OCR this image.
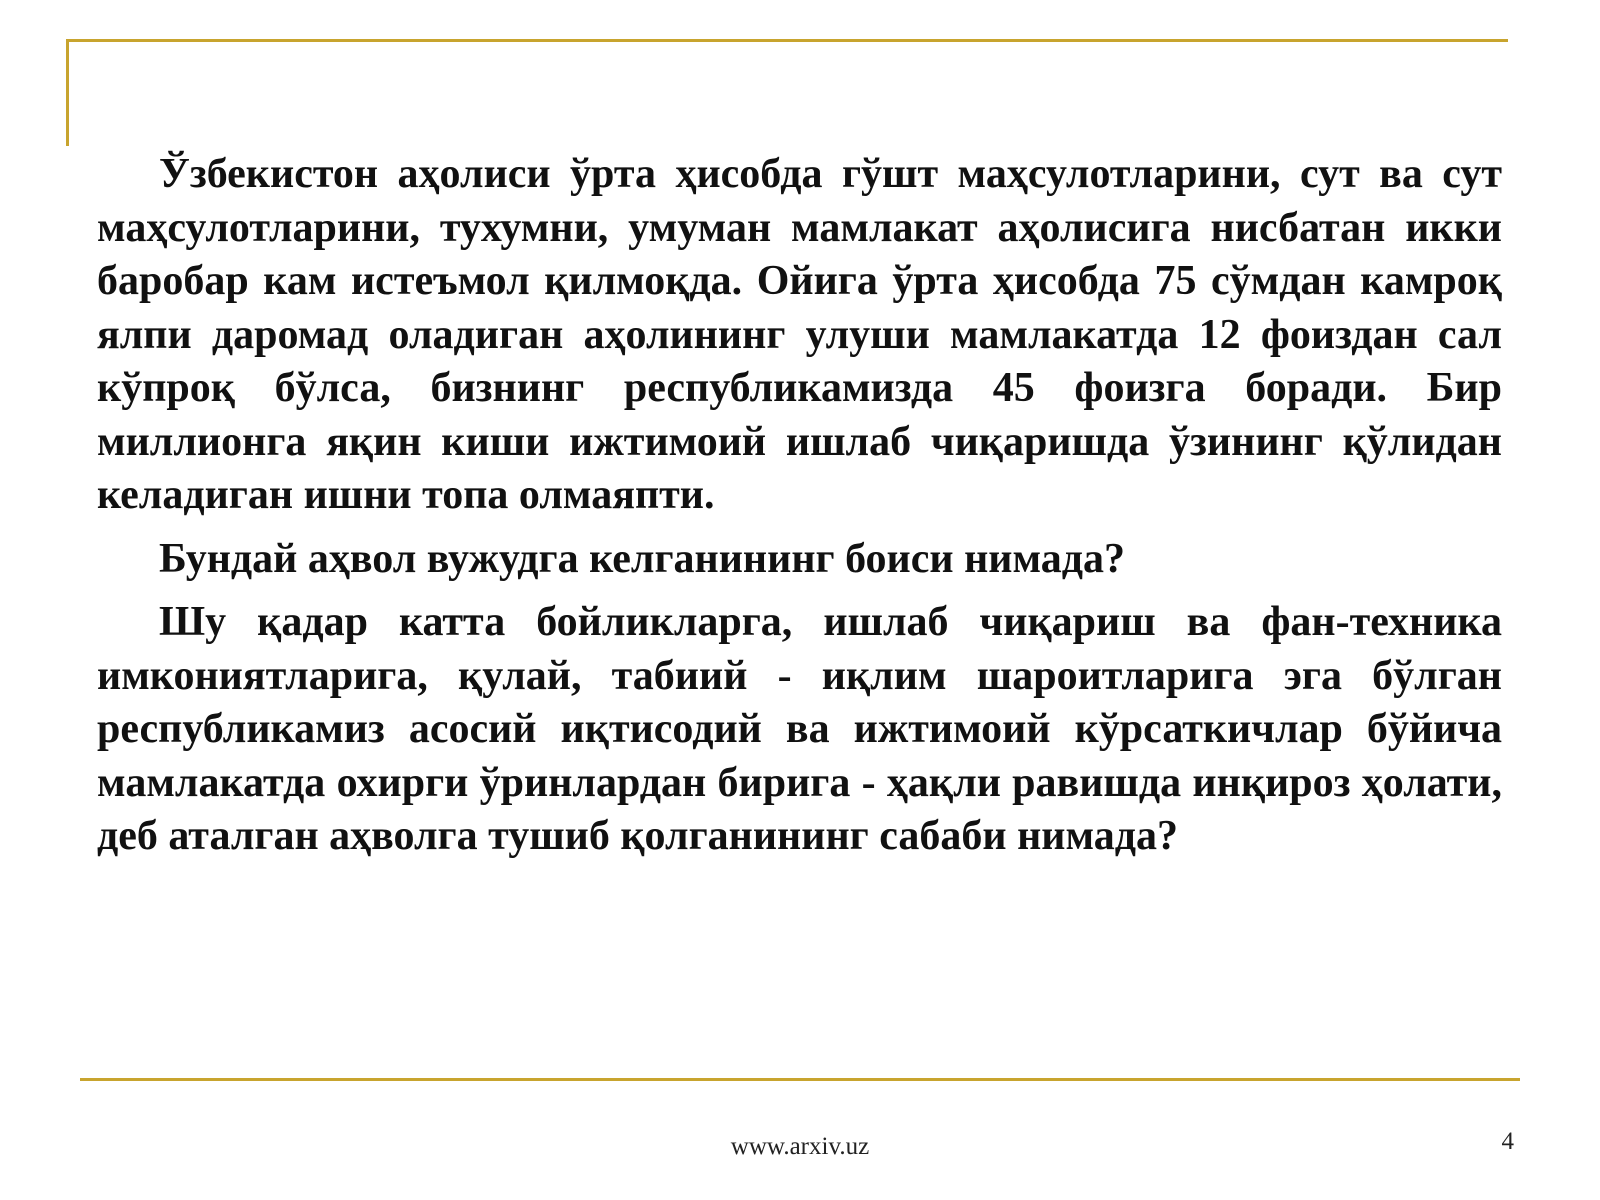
Ўзбекистон аҳолиси ўрта ҳисобда гўшт маҳсулотларини, сут ва сут маҳсулотларини, тухумни, умуман мамлакат аҳолисига нисбатан икки баробар кам истеъмол қилмоқда. Ойига ўрта ҳисобда 75 сўмдан камроқ ялпи даромад оладиган аҳолининг улуши мамлакатда 12 фоиздан сал кўпроқ бўлса, бизнинг республикамизда 45 фоизга боради. Бир миллионга яқин киши ижтимоий ишлаб чиқаришда ўзининг қўлидан келадиган ишни топа олмаяпти.

Бундай аҳвол вужудга келганининг боиси нимада?

Шу қадар катта бойликларга, ишлаб чиқариш ва фан-техника имкониятларига, қулай, табиий - иқлим шароитларига эга бўлган республикамиз асосий иқтисодий ва ижтимоий кўрсаткичлар бўйича мамлакатда охирги ўринлардан бирига - ҳақли равишда инқироз ҳолати, деб аталган аҳволга тушиб қолганининг сабаби нимада?

www.arxiv.uz	4
